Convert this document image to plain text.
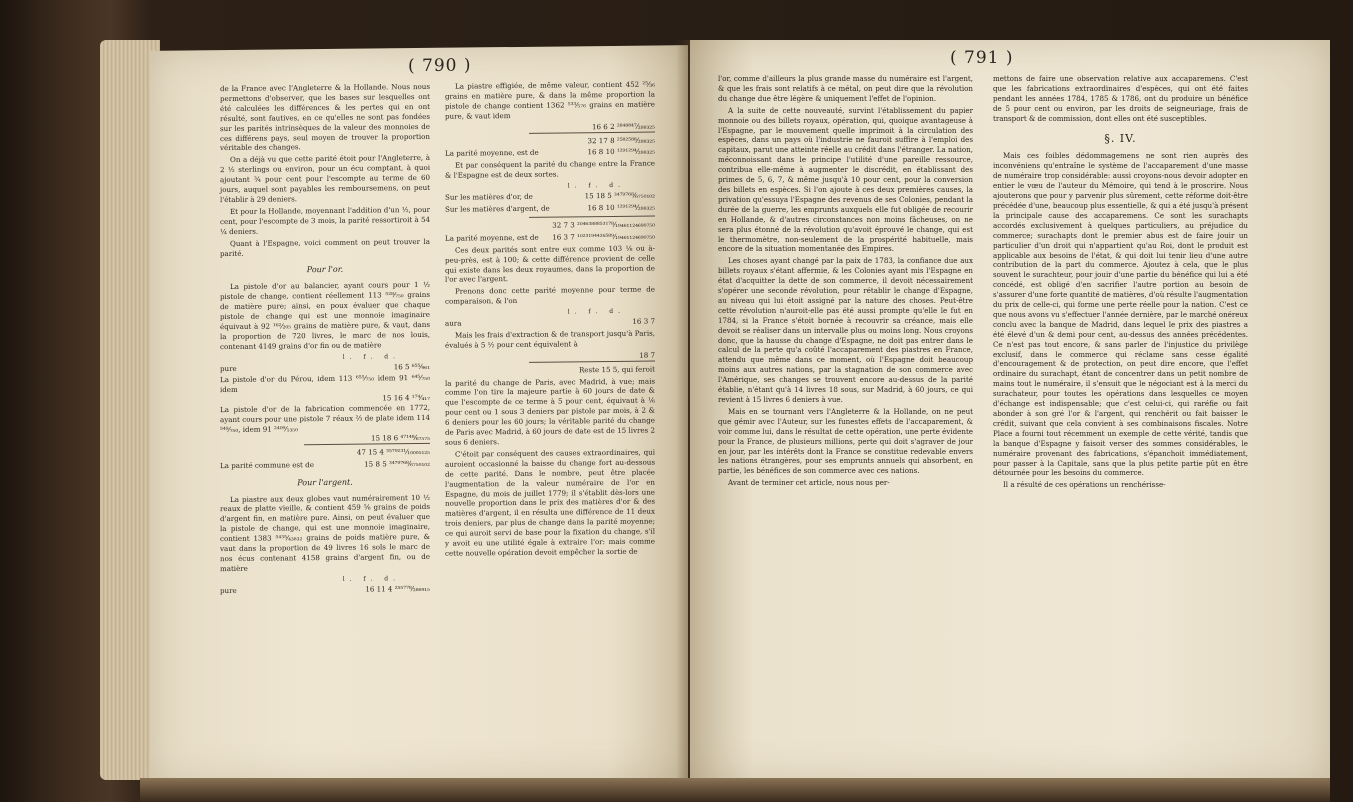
( 790 )

de la France avec l'Angleterre & la Hollande. Nous nous permettons d'observer, que les bases sur lesquelles ont été calculées les différences & les pertes qui en ont résulté, sont fautives, en ce qu'elles ne sont pas fondées sur les parités intrinsèques de la valeur des monnoies de ces différens pays, seul moyen de trouver la proportion véritable des changes.

On a déjà vu que cette parité étoit pour l'Angleterre, à 2 ½ sterlings ou environ, pour un écu comptant, à quoi ajoutant ¾ pour cent pour l'escompte au terme de 60 jours, auquel sont payables les remboursemens, on peut l'établir à 29 deniers.

Et pour la Hollande, moyennant l'addition d'un ½, pour cent, pour l'escompte de 3 mois, la parité ressortiroit à 54 ¼ deniers.

Quant à l'Espagne, voici comment on peut trouver la parité.

Pour l'or.

La pistole d'or au balancier, ayant cours pour 1 ½ pistole de change, contient réellement 113 ⁵²⁸⁄₇₅₀ grains de matière pure; ainsi, en poux évaluer que chaque pistole de change qui est une monnoie imaginaire équivaut à 92 ¹⁶²⁄₂₀₅ grains de matière pure, & vaut, dans la proportion de 720 livres, le marc de nos louis, contenant 4149 grains d'or fin ou de matière

l. f. d.
pure	16 5 ⁶⁵⁵⁄₉₆₁
La pistole d'or du Pérou, idem 113 ⁶⁵⁵⁄₇₅₀ idem 91 ⁶⁴⁵⁄₇₅₀ idem
15 16 4 ¹⁷⁴⁄₄₁₇
La pistole d'or de la fabrication commencée en 1772, ayant cours pour une pistole 7 réaux ⅔ de plate idem 114 ⁵⁴⁹⁄₇₅₀, idem 91 ²⁴⁰⁹⁄₁₃₅₀
15 18 6 ⁴⁷¹⁴⁸⁄₆₇₅₇₅
47 15 4 ³⁵⁷⁹²³¹⁄₁₀₀₀₅₁₂₅
La parité commune est de	15 8 5 ³⁴⁷⁹⁷⁶⁸⁄₆₇₅₀₁₀₂
Pour l'argent.

La piastre aux deux globes vaut numérairement 10 ½ reaux de platte vieille, & contient 459 ⅝ grains de poids d'argent fin, en matière pure. Ainsi, on peut évaluer que la pistole de change, qui est une monnoie imaginaire, contient 1383 ⁵⁴³⁵⁄₄₃₈₃₂ grains de poids matière pure, & vaut dans la proportion de 49 livres 16 sols le marc de nos écus contenant 4158 grains d'argent fin, ou de matière

l. f. d.
pure	16 11 4 ²⁵⁵⁷⁷⁸⁄₂₈₆₉₁₅

La piastre effigiée, de même valeur, contient 452 ²⁵⁄₃₆ grains en matière pure, & dans la même proportion la pistole de change contient 1362 ⁵³³⁄₅₇₆ grains en matière pure, & vaut idem

16 6 2 ²⁸⁴⁸⁸⁴⁷⁄₂₈₈₃₂₅
32 17 8 ²⁵⁸²⁵⁸⁸⁄₂₈₈₃₂₅
La parité moyenne, est de	16 8 10 ¹²⁹¹²⁹⁴⁄₂₈₈₃₂₅

Et par conséquent la parité du change entre la France & l'Espagne est de deux sortes.

l. f. d.
Sur les matières d'or, de	15 18 5 ³⁴⁷⁹⁷⁶⁸⁄₆₇₅₀₁₀₂
Sur les matières d'argent, de	16 8 10 ¹²⁹¹²⁹⁴⁄₂₈₈₃₂₅
32 7 3 ²⁰⁴⁶³⁸⁸⁸⁵³¹⁷⁸⁄₁₉₄₆₁₁₂₄₆₉₀₇₅₀
La parité moyenne, est de 16 3 7 ¹⁰²³¹⁹⁴⁴²⁶⁵⁸⁹⁄₁₉₄₆₁₁₂₄₆₉₀₇₅₀

Ces deux parités sont entre eux comme 103 ⅛ ou à-peu-près, est à 100; & cette différence provient de celle qui existe dans les deux royaumes, dans la proportion de l'or avec l'argent.

Prenons donc cette parité moyenne pour terme de comparaison, & l'on

l. f. d.
aura	16 3 7

Mais les frais d'extraction & de transport jusqu'à Paris, évalués à 5 ½ pour cent équivalent à

18 7
Reste 15 5, qui feroit

la parité du change de Paris, avec Madrid, à vue; mais comme l'on tire la majeure partie à 60 jours de date & que l'escompte de ce terme à 5 pour cent, équivaut à ⅙ pour cent ou 1 sous 3 deniers par pistole par mois, à 2 & 6 deniers pour les 60 jours; la véritable parité du change de Paris avec Madrid, à 60 jours de date est de 15 livres 2 sous 6 deniers.

C'étoit par conséquent des causes extraordinaires, qui auroient occasionné la baisse du change fort au-dessous de cette parité. Dans le nombre, peut être placée l'augmentation de la valeur numéraire de l'or en Espagne, du mois de juillet 1779; il s'établit dès-lors une nouvelle proportion dans le prix des matières d'or & des matières d'argent, il en résulta une différence de 11 deux trois deniers, par plus de change dans la parité moyenne; ce qui auroit servi de base pour la fixation du change, s'il y avoit eu une utilité égale à extraire l'or: mais comme cette nouvelle opération devoit empêcher la sortie de

( 791 )

l'or, comme d'ailleurs la plus grande masse du numéraire est l'argent, & que les frais sont relatifs à ce métal, on peut dire que la révolution du change due être légère & uniquement l'effet de l'opinion.

A la suite de cette nouveauté, survint l'établissement du papier monnoie ou des billets royaux, opération, qui, quoique avantageuse à l'Espagne, par le mouvement quelle imprimoit à la circulation des espèces, dans un pays où l'industrie ne fauroit suffire à l'emploi des capitaux, parut une atteinte réelle au crédit dans l'étranger. La nation, méconnoissant dans le principe l'utilité d'une pareille ressource, contribua elle-même à augmenter le discrédit, en établissant des primes de 5, 6, 7, & même jusqu'à 10 pour cent, pour la conversion des billets en espèces. Si l'on ajoute à ces deux premières causes, la privation qu'essuya l'Espagne des revenus de ses Colonies, pendant la durée de la guerre, les emprunts auxquels elle fut obligée de recourir en Hollande, & d'autres circonstances non moins fâcheuses, on ne sera plus étonné de la révolution qu'avoit éprouvé le change, qui est le thermomètre, non-seulement de la prospérité habituelle, mais encore de la situation momentanée des Empires.

Les choses ayant changé par la paix de 1783, la confiance due aux billets royaux s'étant affermie, & les Colonies ayant mis l'Espagne en état d'acquitter la dette de son commerce, il devoit nécessairement s'opérer une seconde révolution, pour rétablir le change d'Espagne, au niveau qui lui étoit assigné par la nature des choses. Peut-être cette révolution n'auroit-elle pas été aussi prompte qu'elle le fut en 1784, si la France s'étoit bornée à recouvrir sa créance, mais elle devoit se réaliser dans un intervalle plus ou moins long. Nous croyons donc, que la hausse du change d'Espagne, ne doit pas entrer dans le calcul de la perte qu'a coûté l'accaparement des piastres en France, attendu que même dans ce moment, où l'Espagne doit beaucoup moins aux autres nations, par la stagnation de son commerce avec l'Amérique, ses changes se trouvent encore au-dessus de la parité établie, n'étant qu'à 14 livres 18 sous, sur Madrid, à 60 jours, ce qui revient à 15 livres 6 deniers à vue.

Mais en se tournant vers l'Angleterre & la Hollande, on ne peut que gémir avec l'Auteur, sur les funestes effets de l'accaparement, & voir comme lui, dans le résultat de cette opération, une perte évidente pour la France, de plusieurs millions, perte qui doit s'agraver de jour en jour, par les intérêts dont la France se constitue redevable envers les nations étrangères, pour ses emprunts annuels qui absorbent, en partie, les bénéfices de son commerce avec ces nations.

Avant de terminer cet article, nous nous per-

mettons de faire une observation relative aux accaparemens. C'est que les fabrications extraordinaires d'espèces, qui ont été faites pendant les années 1784, 1785 & 1786, ont du produire un bénéfice de 5 pour cent ou environ, par les droits de seigneuriage, frais de transport & de commission, dont elles ont été susceptibles.

§. IV.

Mais ces foibles dédommagemens ne sont rien auprès des inconvéniens qu'entraîne le système de l'accaparement d'une masse de numéraire trop considérable: aussi croyons-nous devoir adopter en entier le vœu de l'auteur du Mémoire, qui tend à le proscrire. Nous ajouterons que pour y parvenir plus sûrement, cette réforme doit-être précédée d'une, beaucoup plus essentielle, & qui a été jusqu'à présent la principale cause des accaparemens. Ce sont les surachapts accordés exclusivement à quelques particuliers, au préjudice du commerce; surachapts dont le premier abus est de faire jouir un particulier d'un droit qui n'appartient qu'au Roi, dont le produit est applicable aux besoins de l'état, & qui doit lui tenir lieu d'une autre contribution de la part du commerce. Ajoutez à cela, que le plus souvent le surachteur, pour jouir d'une partie du bénéfice qui lui a été concédé, est obligé d'en sacrifier l'autre portion au besoin de s'assurer d'une forte quantité de matières, d'où résulte l'augmentation du prix de celle-ci, qui forme une perte réelle pour la nation. C'est ce que nous avons vu s'effectuer l'année dernière, par le marché onéreux conclu avec la banque de Madrid, dans lequel le prix des piastres a été élevé d'un & demi pour cent, au-dessus des années précédentes. Ce n'est pas tout encore, & sans parler de l'injustice du privilège exclusif, dans le commerce qui réclame sans cesse égalité d'encouragement & de protection, on peut dire encore, que l'effet ordinaire du surachapt, étant de concentrer dans un petit nombre de mains tout le numéraire, il s'ensuit que le négociant est à la merci du surachateur, pour toutes les opérations dans lesquelles ce moyen d'échange est indispensable; que c'est celui-ci, qui raréfie ou fait abonder à son gré l'or & l'argent, qui renchérit ou fait baisser le crédit, suivant que cela convient à ses combinaisons fiscales. Notre Place a fourni tout récemment un exemple de cette vérité, tandis que la banque d'Espagne y faisoit verser des sommes considérables, le numéraire provenant des fabrications, s'épanchoit immédiatement, pour passer à la Capitale, sans que la plus petite partie pût en être détournée pour les besoins du commerce.

Il a résulté de ces opérations un renchérisse-
